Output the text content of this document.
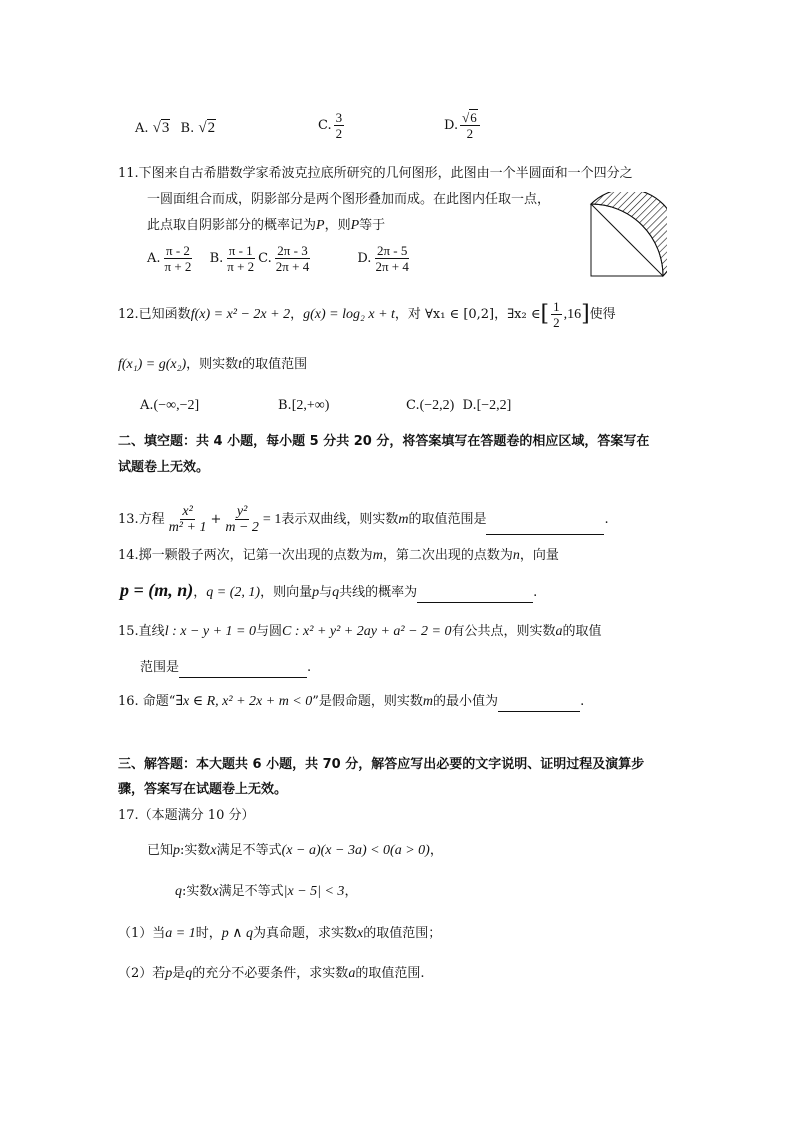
A. √3 B. √2	C. $\frac{3}{2}$	D. $\frac{√6}{2}$
11.下图来自古希腊数学家希波克拉底所研究的几何图形，此图由一个半圆面和一个四分之
一圆面组合而成，阴影部分是两个图形叠加而成。在此图内任取一点，
此点取自阴影部分的概率记为P，则P等于
A. $\frac{\pi - 2}{\pi + 2} B$. $\frac{\pi - 1}{\pi + 2} C$. $\frac{2\pi - 3}{2\pi + 4}$	D. $\frac{2\pi - 5}{2\pi + 4}$
12.已知函数f(x) = x² − 2x + 2，g(x) = log₂ x + t，对 ∀x₁ ∈ [0,2]，∃x₂ ∈[ $\frac{1}{2} ,16$]使得
f(x₁) = g(x₂)，则实数t的取值范围
A.(−∞,−2]	B.[2,+∞)	C.(−2,2) D.[−2,2]
二、填空题：共 4 小题，每小题 5 分共 20 分，将答案填写在答题卷的相应区域，答案写在
试题卷上无效。
13.方程 $\frac{\text{x²}}{\text{m² + 1}} + \frac{\text{y²}}{m - 2} = 1$表示双曲线，则实数m的取值范围是	.
14.掷一颗骰子两次，记第一次出现的点数为m，第二次出现的点数为n，向量
p = (m, n)，q = (2, 1)，则向量p与q共线的概率为	.
15.直线l : x − y + 1 = 0与圆C : x² + y² + 2ay + a² − 2 = 0有公共点，则实数a的取值
范围是	.
16. 命题“∃x ∈ R, x² + 2x + m < 0”是假命题，则实数m的最小值为	.
三、解答题：本大题共 6 小题，共 70 分，解答应写出必要的文字说明、证明过程及演算步
骤，答案写在试题卷上无效。
17.（本题满分 10 分）
已知p:实数x满足不等式(x − a)(x − 3a) < 0(a > 0)，
q:实数x满足不等式|x − 5| < 3，
（1）当a = 1时，p ∧ q为真命题，求实数x的取值范围；
（2）若p是q的充分不必要条件，求实数a的取值范围.
